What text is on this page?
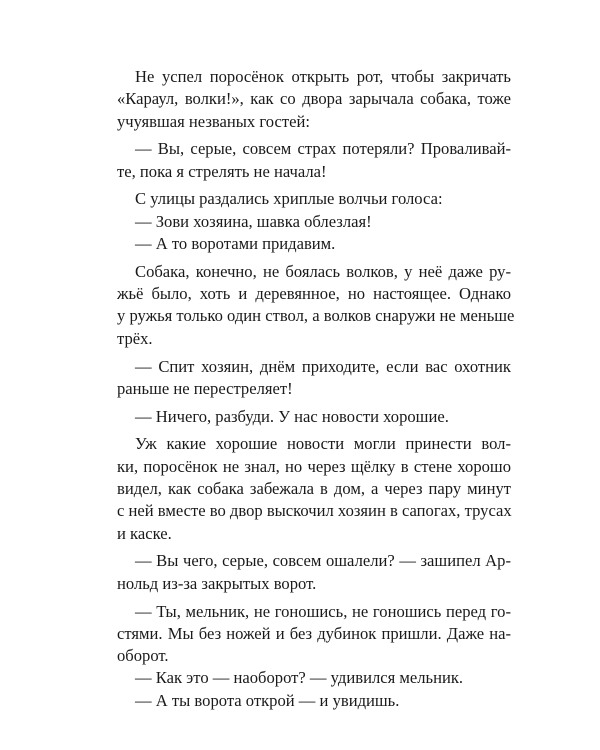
Не успел поросёнок открыть рот, чтобы закричать
«Караул, волки!», как со двора зарычала собака, тоже
учуявшая незваных гостей:
— Вы, серые, совсем страх потеряли? Проваливай-
те, пока я стрелять не начала!
С улицы раздались хриплые волчьи голоса:
— Зови хозяина, шавка облезлая!
— А то воротами придавим.
Собака, конечно, не боялась волков, у неё даже ру-
жьё было, хоть и деревянное, но настоящее. Однако
у ружья только один ствол, а волков снаружи не меньше
трёх.
— Спит хозяин, днём приходите, если вас охотник
раньше не перестреляет!
— Ничего, разбуди. У нас новости хорошие.
Уж какие хорошие новости могли принести вол-
ки, поросёнок не знал, но через щёлку в стене хорошо
видел, как собака забежала в дом, а через пару минут
с ней вместе во двор выскочил хозяин в сапогах, трусах
и каске.
— Вы чего, серые, совсем ошалели? — зашипел Ар-
нольд из-за закрытых ворот.
— Ты, мельник, не гоношись, не гоношись перед го-
стями. Мы без ножей и без дубинок пришли. Даже на-
оборот.
— Как это — наоборот? — удивился мельник.
— А ты ворота открой — и увидишь.
